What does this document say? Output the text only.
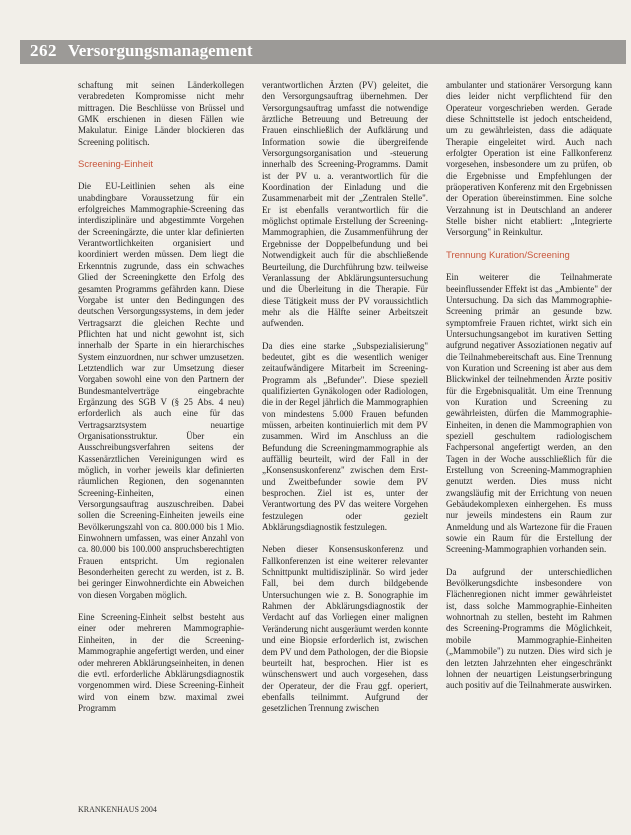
262 Versorgungsmanagement

schaftung mit seinen Länderkollegen verabredeten Kompromisse nicht mehr mittragen. Die Beschlüsse von Brüssel und GMK erschienen in diesen Fällen wie Makulatur. Einige Länder blockieren das Screening politisch.

Screening-Einheit

Die EU-Leitlinien sehen als eine unabdingbare Voraussetzung für ein erfolgreiches Mammographie-Screening das interdisziplinäre und abgestimmte Vorgehen der Screeningärzte, die unter klar definierten Verantwortlichkeiten organisiert und koordiniert werden müssen. Dem liegt die Erkenntnis zugrunde, dass ein schwaches Glied der Screeningkette den Erfolg des gesamten Programms gefährden kann. Diese Vorgabe ist unter den Bedingungen des deutschen Versorgungssystems, in dem jeder Vertragsarzt die gleichen Rechte und Pflichten hat und nicht gewohnt ist, sich innerhalb der Sparte in ein hierarchisches System einzuordnen, nur schwer umzusetzen. Letztendlich war zur Umsetzung dieser Vorgaben sowohl eine von den Partnern der Bundesmantelverträge eingebrachte Ergänzung des SGB V (§ 25 Abs. 4 neu) erforderlich als auch eine für das Vertragsarztsystem neuartige Organisationsstruktur. Über ein Ausschreibungsverfahren seitens der Kassenärztlichen Vereinigungen wird es möglich, in vorher jeweils klar definierten räumlichen Regionen, den sogenannten Screening-Einheiten, einen Versorgungsauftrag auszuschreiben. Dabei sollen die Screening-Einheiten jeweils eine Bevölkerungszahl von ca. 800.000 bis 1 Mio. Einwohnern umfassen, was einer Anzahl von ca. 80.000 bis 100.000 anspruchsberechtigten Frauen entspricht. Um regionalen Besonderheiten gerecht zu werden, ist z. B. bei geringer Einwohnerdichte ein Abweichen von diesen Vorgaben möglich.

Eine Screening-Einheit selbst besteht aus einer oder mehreren Mammographie-Einheiten, in der die Screening-Mammographie angefertigt werden, und einer oder mehreren Abklärungseinheiten, in denen die evtl. erforderliche Abklärungsdiagnostik vorgenommen wird. Diese Screening-Einheit wird von einem bzw. maximal zwei Programm

verantwortlichen Ärzten (PV) geleitet, die den Versorgungsauftrag übernehmen. Der Versorgungsauftrag umfasst die notwendige ärztliche Betreuung und Betreuung der Frauen einschließlich der Aufklärung und Information sowie die übergreifende Versorgungsorganisation und -steuerung innerhalb des Screening-Programms. Damit ist der PV u. a. verantwortlich für die Koordination der Einladung und die Zusammenarbeit mit der „Zentralen Stelle". Er ist ebenfalls verantwortlich für die möglichst optimale Erstellung der Screening-Mammographien, die Zusammenführung der Ergebnisse der Doppelbefundung und bei Notwendigkeit auch für die abschließende Beurteilung, die Durchführung bzw. teilweise Veranlassung der Abklärungsuntersuchung und die Überleitung in die Therapie. Für diese Tätigkeit muss der PV voraussichtlich mehr als die Hälfte seiner Arbeitszeit aufwenden.

Da dies eine starke „Subspezialisierung" bedeutet, gibt es die wesentlich weniger zeitaufwändigere Mitarbeit im Screening-Programm als „Befunder". Diese speziell qualifizierten Gynäkologen oder Radiologen, die in der Regel jährlich die Mammographien von mindestens 5.000 Frauen befunden müssen, arbeiten kontinuierlich mit dem PV zusammen. Wird im Anschluss an die Befundung die Screeningmammographie als auffällig beurteilt, wird der Fall in der „Konsensuskonferenz" zwischen dem Erst- und Zweitbefunder sowie dem PV besprochen. Ziel ist es, unter der Verantwortung des PV das weitere Vorgehen festzulegen oder gezielt Abklärungsdiagnostik festzulegen.

Neben dieser Konsensuskonferenz und Fallkonferenzen ist eine weiterer relevanter Schnittpunkt multidisziplinär. So wird jeder Fall, bei dem durch bildgebende Untersuchungen wie z. B. Sonographie im Rahmen der Abklärungsdiagnostik der Verdacht auf das Vorliegen einer malignen Veränderung nicht ausgeräumt werden konnte und eine Biopsie erforderlich ist, zwischen dem PV und dem Pathologen, der die Biopsie beurteilt hat, besprochen. Hier ist es wünschenswert und auch vorgesehen, dass der Operateur, der die Frau ggf. operiert, ebenfalls teilnimmt. Aufgrund der gesetzlichen Trennung zwischen

ambulanter und stationärer Versorgung kann dies leider nicht verpflichtend für den Operateur vorgeschrieben werden. Gerade diese Schnittstelle ist jedoch entscheidend, um zu gewährleisten, dass die adäquate Therapie eingeleitet wird. Auch nach erfolgter Operation ist eine Fallkonferenz vorgesehen, insbesondere um zu prüfen, ob die Ergebnisse und Empfehlungen der präoperativen Konferenz mit den Ergebnissen der Operation übereinstimmen. Eine solche Verzahnung ist in Deutschland an anderer Stelle bisher nicht etabliert: „Integrierte Versorgung" in Reinkultur.

Trennung Kuration/Screening

Ein weiterer die Teilnahmerate beeinflussender Effekt ist das „Ambiente" der Untersuchung. Da sich das Mammographie-Screening primär an gesunde bzw. symptomfreie Frauen richtet, wirkt sich ein Untersuchungsangebot im kurativen Setting aufgrund negativer Assoziationen negativ auf die Teilnahmebereitschaft aus. Eine Trennung von Kuration und Screening ist aber aus dem Blickwinkel der teilnehmenden Ärzte positiv für die Ergebnisqualität. Um eine Trennung von Kuration und Screening zu gewährleisten, dürfen die Mammographie-Einheiten, in denen die Mammographien von speziell geschultem radiologischem Fachpersonal angefertigt werden, an den Tagen in der Woche ausschließlich für die Erstellung von Screening-Mammographien genutzt werden. Dies muss nicht zwangsläufig mit der Errichtung von neuen Gebäudekomplexen einhergehen. Es muss nur jeweils mindestens ein Raum zur Anmeldung und als Wartezone für die Frauen sowie ein Raum für die Erstellung der Screening-Mammographien vorhanden sein.

Da aufgrund der unterschiedlichen Bevölkerungsdichte insbesondere von Flächenregionen nicht immer gewährleistet ist, dass solche Mammographie-Einheiten wohnortnah zu stellen, besteht im Rahmen des Screening-Programms die Möglichkeit, mobile Mammographie-Einheiten („Mammobile") zu nutzen. Dies wird sich je den letzten Jahrzehnten eher eingeschränkt lohnen der neuartigen Leistungserbringung auch positiv auf die Teilnahmerate auswirken.

KRANKENHAUS 2004
